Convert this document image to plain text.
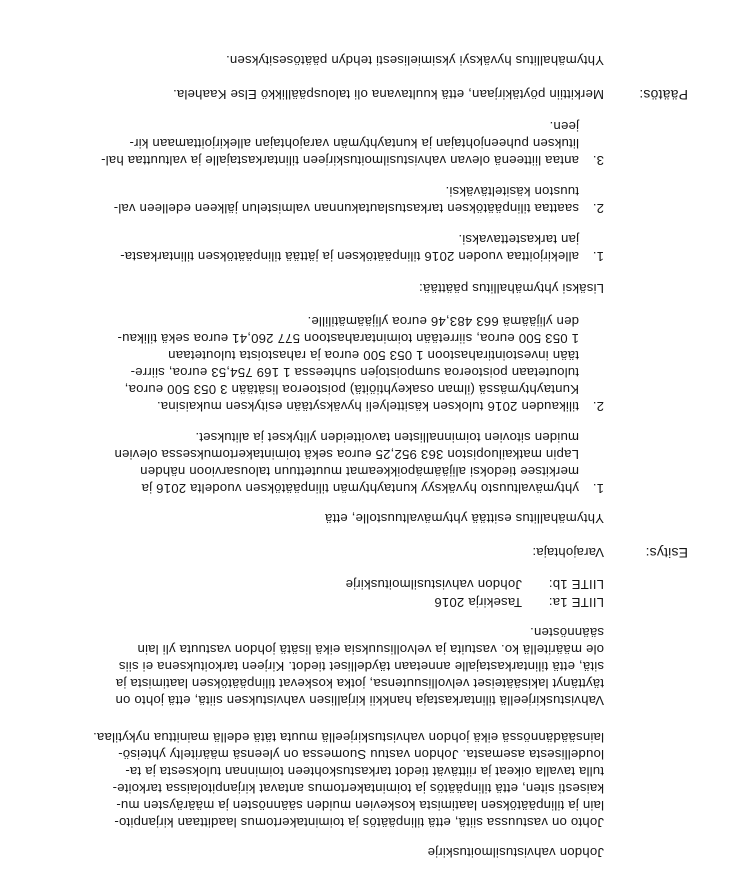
Johdon vahvistusilmoituskirje
Johto on vastuussa siitä, että tilinpäätös ja toimintakertomus laadittaan kirjanpito-
lain ja tilinpäätöksen laatimista koskevien muiden säännösten ja määräysten mu-
kaisesti siten, että tilinpäätös ja toimintakertomus antavat kirjanpitolaissa tarkoite-
tulla tavalla oikeat ja riittävät tiedot tarkastuskohteen toiminnan tuloksesta ja ta-
loudellisesta asemasta. Johdon vastuu Suomessa on yleensä määritelty yhteisö-
lainsäädännössä eikä johdon vahvistuskirjeellä muuta tätä edellä mainittua nykytilaa.
Vahvistuskirjeellä tilintarkastaja hankkii kirjallisen vahvistuksen siitä, että johto on
täyttänyt lakisääteiset velvollisuutensa, jotka koskevat tilinpäätöksen laatimista ja
sitä, että tilintarkastajalle annetaan täydelliset tiedot. Kirjeen tarkoituksena ei siis
ole määritellä ko. vastuita ja velvollisuuksia eikä lisätä johdon vastuuta yli lain
säännösten.
LIITE 1a:
Tasekirja 2016
LIITE 1b:
Johdon vahvistusilmoituskirje
Esitys:
Varajohtaja:
Yhtymähallitus esittää yhtymävaltuustolle, että
1.
yhtymävaltuusto hyväksyy kuntayhtymän tilinpäätöksen vuodelta 2016 ja
merkitsee tiedoksi alijäämäpoikkeamat muutettuun talousarvioon nähden
Lapin matkailuopiston 363 952,25 euroa sekä toimintakertomuksessa olevien
muiden sitovien toiminnallisten tavoitteiden ylitykset ja alitukset.
2.
tilikauden 2016 tuloksen käsittelyeli hyväksytään esityksen mukaisina.
Kuntayhtymässä (ilman osakeyhtiöitä) poistoeroa lisätään 3 053 500 euroa,
tuloutetaan poistoeroa sumpoistojen suhteessa 1 169 754,53 euroa, siirre-
tään investointirahastoon 1 053 500 euroa ja rahastoista tuloutetaan
1 053 500 euroa, siirretään toimintarahastoon 577 260,41 euroa sekä tilikau-
den ylijäämä 663 483,46 euroa ylijäämätilille.
Lisäksi yhtymähallitus päättää:
1.
allekirjoittaa vuoden 2016 tilinpäätöksen ja jättää tilinpäätöksen tilintarkasta-
jan tarkastettavaksi.
2.
saattaa tilinpäätöksen tarkastuslautakunnan valmistelun jälkeen edelleen val-
tuuston käsiteltäväksi.
3.
antaa liitteenä olevan vahvistusilmoituskirjeen tilintarkastajalle ja valtuuttaa hal-
lituksen puheenjohtajan ja kuntayhtymän varajohtajan allekirjoittamaan kir-
jeen.
Päätös:
Merkittiin pöytäkirjaan, että kuultavana oli talouspäällikkö Else Kaahela.
Yhtymähallitus hyväksyi yksimielisesti tehdyn päätösesityksen.
